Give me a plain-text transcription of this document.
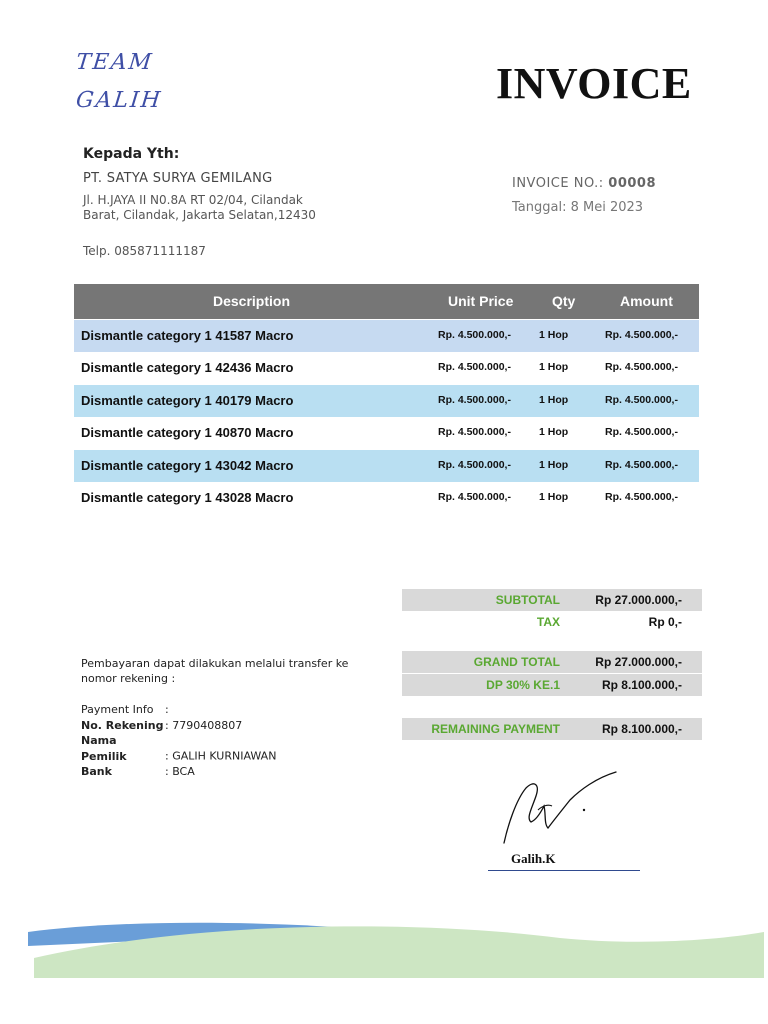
TEAM
GALIH	INVOICE
Kepada Yth:
PT. SATYA SURYA GEMILANG
Jl. H.JAYA II N0.8A RT 02/04, Cilandak Barat, Cilandak, Jakarta Selatan,12430
Telp. 085871111187
INVOICE NO.: 00008
Tanggal: 8 Mei 2023
Description	Unit Price	Qty	Amount
Dismantle category 1 41587 Macro	Rp. 4.500.000,-	1 Hop	Rp. 4.500.000,-
Dismantle category 1 42436 Macro	Rp. 4.500.000,-	1 Hop	Rp. 4.500.000,-
Dismantle category 1 40179 Macro	Rp. 4.500.000,-	1 Hop	Rp. 4.500.000,-
Dismantle category 1 40870 Macro	Rp. 4.500.000,-	1 Hop	Rp. 4.500.000,-
Dismantle category 1 43042 Macro	Rp. 4.500.000,-	1 Hop	Rp. 4.500.000,-
Dismantle category 1 43028 Macro	Rp. 4.500.000,-	1 Hop	Rp. 4.500.000,-
SUBTOTAL	Rp 27.000.000,-
TAX	Rp 0,-
GRAND TOTAL	Rp 27.000.000,-
DP 30% KE.1	Rp 8.100.000,-
REMAINING PAYMENT	Rp 8.100.000,-
Pembayaran dapat dilakukan melalui transfer ke nomor rekening :
Payment Info :
No. Rekening : 7790408807
Nama Pemilik	: GALIH KURNIAWAN
Bank	: BCA
Galih.K
